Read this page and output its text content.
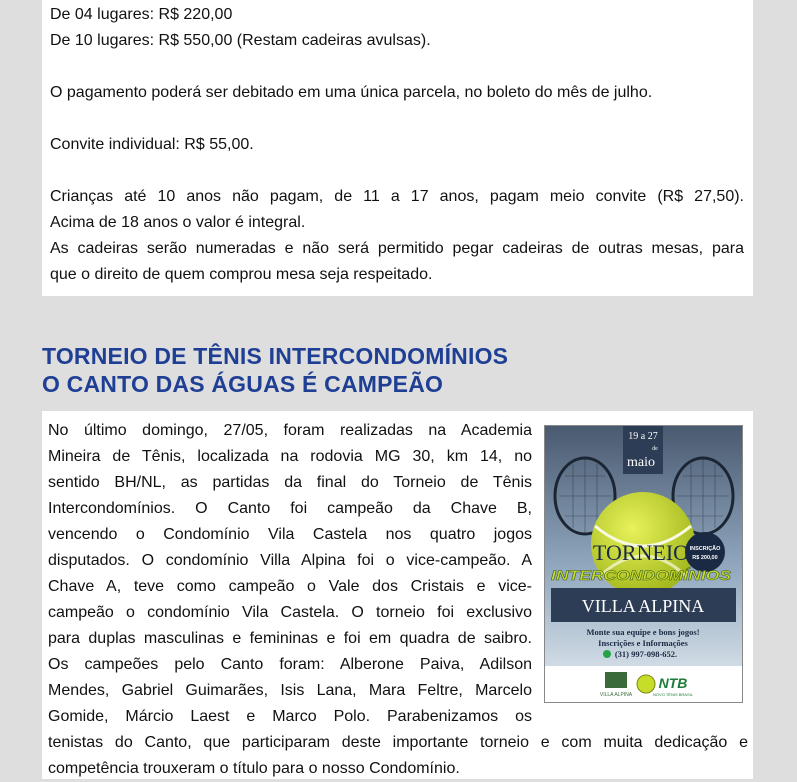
De 04 lugares: R$ 220,00
De 10 lugares: R$ 550,00 (Restam cadeiras avulsas).
O pagamento poderá ser debitado em uma única parcela, no boleto do mês de julho.
Convite individual: R$ 55,00.
Crianças até 10 anos não pagam, de 11 a 17 anos, pagam meio convite (R$ 27,50).
Acima de 18 anos o valor é integral.
As cadeiras serão numeradas e não será permitido pegar cadeiras de outras mesas, para
que o direito de quem comprou mesa seja respeitado.
TORNEIO DE TÊNIS INTERCONDOMÍNIOS
O CANTO DAS ÁGUAS É CAMPEÃO
No último domingo, 27/05, foram realizadas na Academia
Mineira de Tênis, localizada na rodovia MG 30, km 14, no
sentido BH/NL, as partidas da final do Torneio de Tênis
Intercondomínios. O Canto foi campeão da Chave B,
vencendo o Condomínio Vila Castela nos quatro jogos
disputados. O condomínio Villa Alpina foi o vice-campeão. A
Chave A, teve como campeão o Vale dos Cristais e vice-
campeão o condomínio Vila Castela. O torneio foi exclusivo
para duplas masculinas e femininas e foi em quadra de saibro.
Os campeões pelo Canto foram: Alberone Paiva, Adilson
Mendes, Gabriel Guimarães, Isis Lana, Mara Feltre, Marcelo
Gomide, Márcio Laest e Marco Polo. Parabenizamos os
tenistas do Canto, que participaram deste importante torneio e com muita dedicação e
competência trouxeram o título para o nosso Condomínio.
19 a 27
de
maio
INSCRIÇÃO
R$ 200,00
TORNEIO
INTERCONDOMÍNIOS
VILLA ALPINA
Monte sua equipe e bons jogos!
Inscrições e Informações
(31) 997-098-652.
VILLA ALPINA
NTB
NOVO TÊNIS BRASIL
